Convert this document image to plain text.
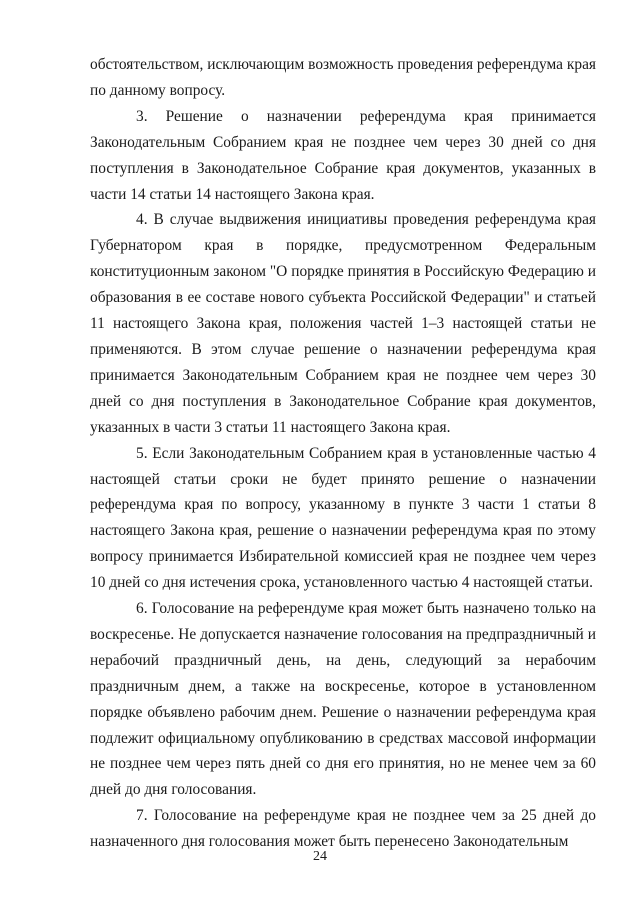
обстоятельством, исключающим возможность проведения референдума края по данному вопросу.

3. Решение о назначении референдума края принимается Законодательным Собранием края не позднее чем через 30 дней со дня поступления в Законодательное Собрание края документов, указанных в части 14 статьи 14 настоящего Закона края.

4. В случае выдвижения инициативы проведения референдума края Губернатором края в порядке, предусмотренном Федеральным конституционным законом "О порядке принятия в Российскую Федерацию и образования в ее составе нового субъекта Российской Федерации" и статьей 11 настоящего Закона края, положения частей 1–3 настоящей статьи не применяются. В этом случае решение о назначении референдума края принимается Законодательным Собранием края не позднее чем через 30 дней со дня поступления в Законодательное Собрание края документов, указанных в части 3 статьи 11 настоящего Закона края.

5. Если Законодательным Собранием края в установленные частью 4 настоящей статьи сроки не будет принято решение о назначении референдума края по вопросу, указанному в пункте 3 части 1 статьи 8 настоящего Закона края, решение о назначении референдума края по этому вопросу принимается Избирательной комиссией края не позднее чем через 10 дней со дня истечения срока, установленного частью 4 настоящей статьи.

6. Голосование на референдуме края может быть назначено только на воскресенье. Не допускается назначение голосования на предпраздничный и нерабочий праздничный день, на день, следующий за нерабочим праздничным днем, а также на воскресенье, которое в установленном порядке объявлено рабочим днем. Решение о назначении референдума края подлежит официальному опубликованию в средствах массовой информации не позднее чем через пять дней со дня его принятия, но не менее чем за 60 дней до дня голосования.

7. Голосование на референдуме края не позднее чем за 25 дней до назначенного дня голосования может быть перенесено Законодательным

24
